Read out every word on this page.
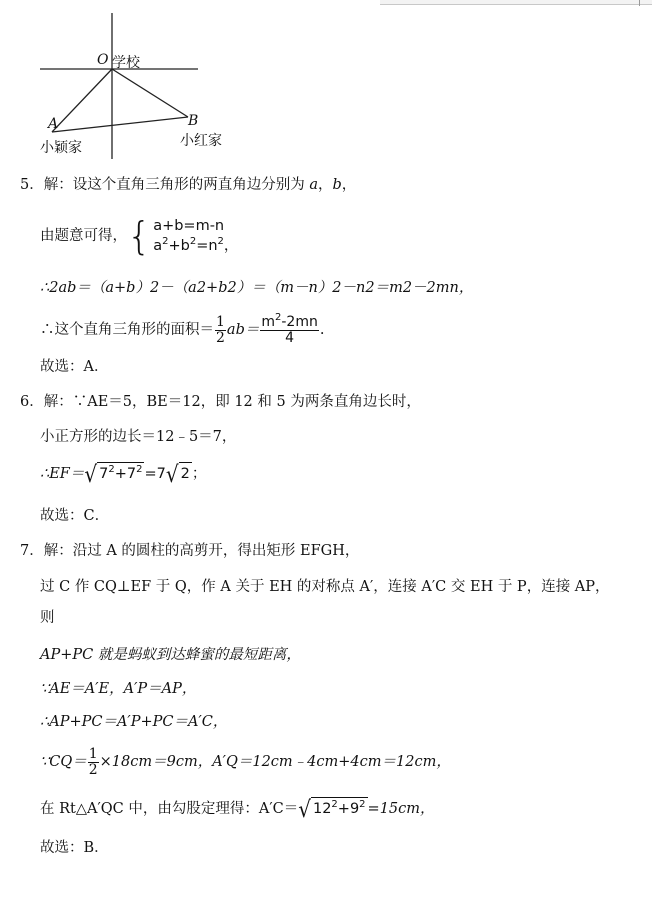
O 学校
A	B
小颖家	小红家
5．解：设这个直角三角形的两直角边分别为 a，b，
由题意可得， { a+b=m-n
$a^2+b^2=n^2$，
∴2ab＝（a+b）2－（a2+b2）＝（m－n）2－n2＝m2－2mn，
∴这个直角三角形的面积＝ $\frac{1}{2} ab= \frac{m^2-2mn}{4}$ .
故选：A．
6．解：∵AE＝5，BE＝12，即 12 和 5 为两条直角边长时，
小正方形的边长＝12﹣5＝7，
∴EF＝ √ $7^2+7^2 =7$ √ 2 ；
故选：C．
7．解：沿过 A 的圆柱的高剪开，得出矩形 EFGH，
过 C 作 CQ⊥EF 于 Q，作 A 关于 EH 的对称点 A′，连接 A′C 交 EH 于 P，连接 AP，
则
AP+PC 就是蚂蚁到达蜂蜜的最短距离，
∵AE＝A′E，A′P＝AP，
∴AP+PC＝A′P+PC＝A′C，
∵CQ＝ $\frac{1}{2} \times 18cm=9cm$，A′Q＝12cm﹣4cm+4cm＝12cm，
在 Rt△A′QC 中，由勾股定理得：A′C＝ √ $12^2+9^2 =15cm$，
故选：B．
